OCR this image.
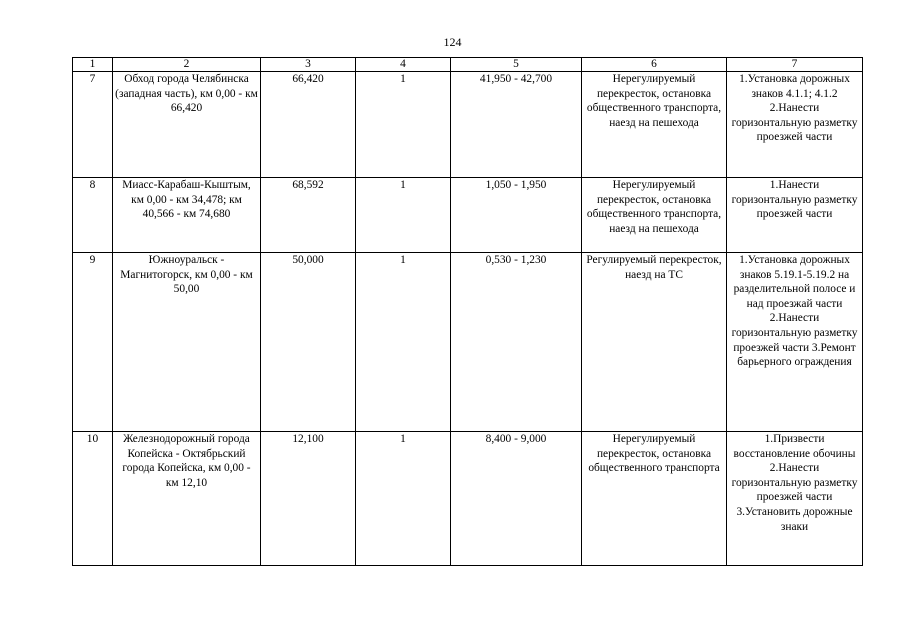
124
1	2	3	4	5	6	7
7	Обход города Челябинска (западная часть), км 0,00 - км 66,420	66,420	1	41,950 - 42,700	Нерегулируемый перекресток, остановка общественного транспорта, наезд на пешехода	1.Установка дорожных знаков 4.1.1; 4.1.2 2.Нанести горизонтальную разметку проезжей части
8	Миасс-Карабаш-Кыштым, км 0,00 - км 34,478; км 40,566 - км 74,680	68,592	1	1,050 - 1,950	Нерегулируемый перекресток, остановка общественного транспорта, наезд на пешехода	1.Нанести горизонтальную разметку проезжей части
9	Южноуральск - Магнитогорск, км 0,00 - км 50,00	50,000	1	0,530 - 1,230	Регулируемый перекресток, наезд на ТС	1.Установка дорожных знаков 5.19.1-5.19.2 на разделительной полосе и над проезжай части 2.Нанести горизонтальную разметку проезжей части 3.Ремонт барьерного ограждения
10	Железнодорожный города Копейска - Октябрьский города Копейска, км 0,00 - км 12,10	12,100	1	8,400 - 9,000	Нерегулируемый перекресток, остановка общественного транспорта	1.Призвести восстановление обочины 2.Нанести горизонтальную разметку проезжей части 3.Установить дорожные знаки
